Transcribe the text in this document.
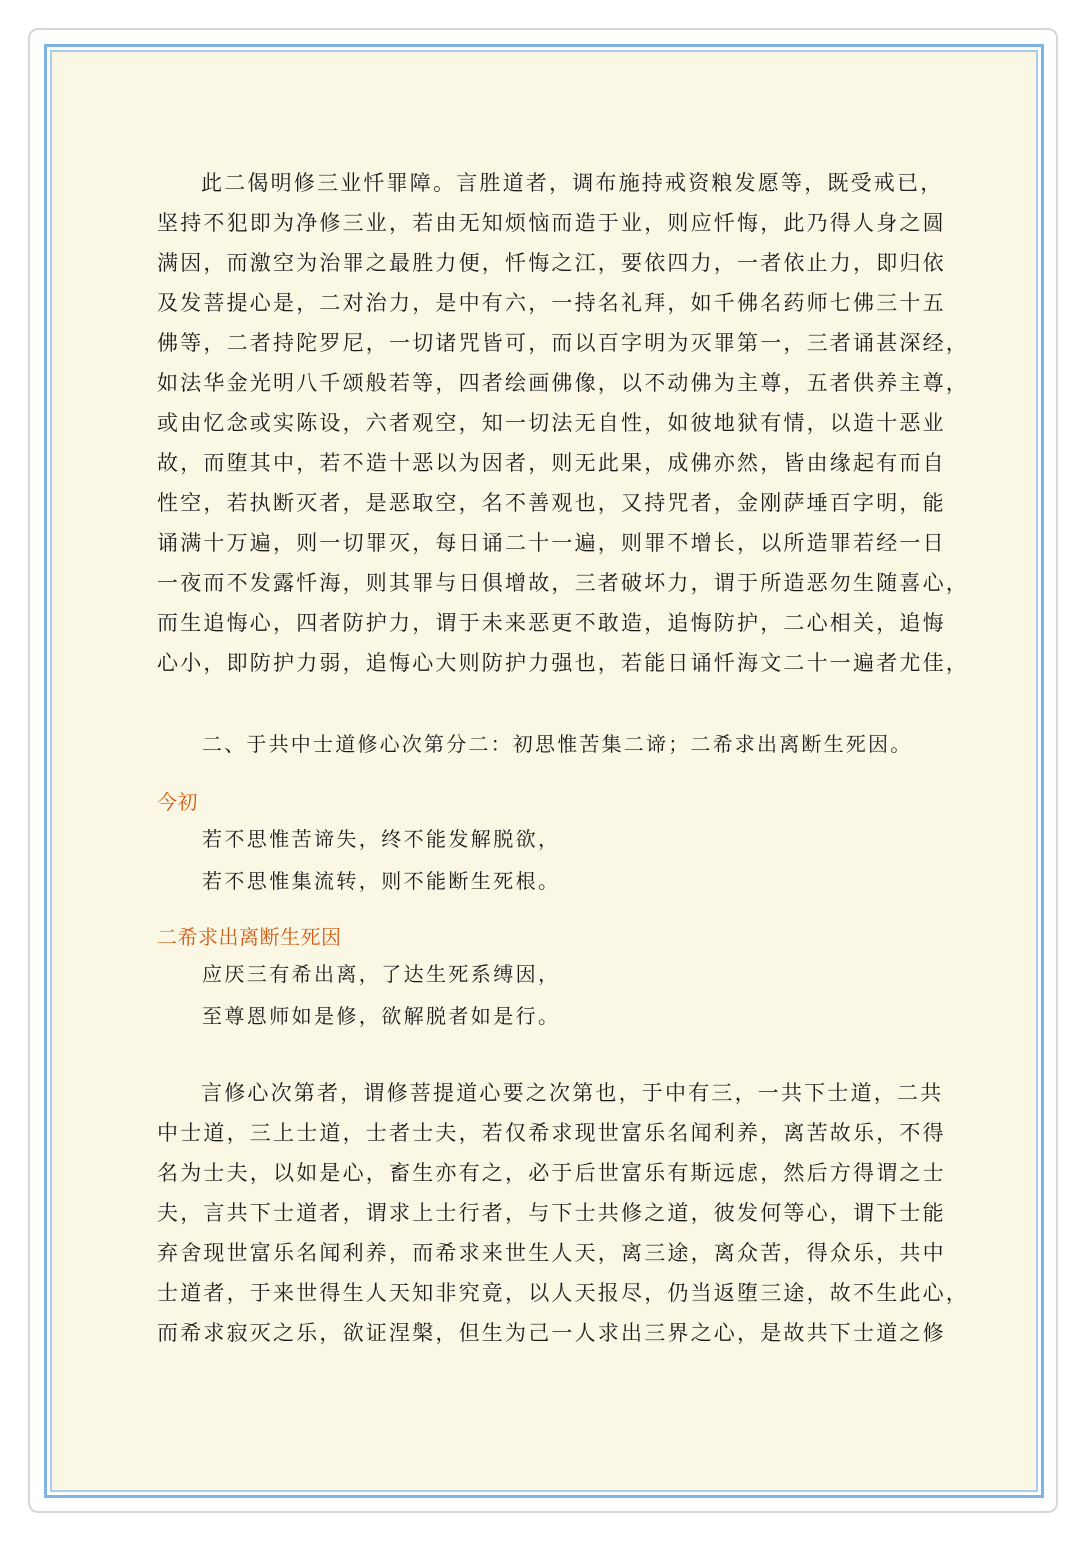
此二偈明修三业忏罪障。言胜道者，调布施持戒资粮发愿等，既受戒已，
坚持不犯即为净修三业，若由无知烦恼而造于业，则应忏悔，此乃得人身之圆
满因，而激空为治罪之最胜力便，忏悔之江，要依四力，一者依止力，即归依
及发菩提心是，二对治力，是中有六，一持名礼拜，如千佛名药师七佛三十五
佛等，二者持陀罗尼，一切诸咒皆可，而以百字明为灭罪第一，三者诵甚深经，
如法华金光明八千颂般若等，四者绘画佛像，以不动佛为主尊，五者供养主尊，
或由忆念或实陈设，六者观空，知一切法无自性，如彼地狱有情，以造十恶业
故，而堕其中，若不造十恶以为因者，则无此果，成佛亦然，皆由缘起有而自
性空，若执断灭者，是恶取空，名不善观也，又持咒者，金刚萨埵百字明，能
诵满十万遍，则一切罪灭，每日诵二十一遍，则罪不增长，以所造罪若经一日
一夜而不发露忏海，则其罪与日俱增故，三者破坏力，谓于所造恶勿生随喜心，
而生追悔心，四者防护力，谓于未来恶更不敢造，追悔防护，二心相关，追悔
心小，即防护力弱，追悔心大则防护力强也，若能日诵忏海文二十一遍者尤佳，

二、于共中士道修心次第分二：初思惟苦集二谛；二希求出离断生死因。

今初

若不思惟苦谛失，终不能发解脱欲，
若不思惟集流转，则不能断生死根。

二希求出离断生死因

应厌三有希出离，了达生死系缚因，
至尊恩师如是修，欲解脱者如是行。
言修心次第者，谓修菩提道心要之次第也，于中有三，一共下士道，二共
中士道，三上士道，士者士夫，若仅希求现世富乐名闻利养，离苦故乐，不得
名为士夫，以如是心，畜生亦有之，必于后世富乐有斯远虑，然后方得谓之士
夫，言共下士道者，谓求上士行者，与下士共修之道，彼发何等心，谓下士能
弃舍现世富乐名闻利养，而希求来世生人天，离三途，离众苦，得众乐，共中
士道者，于来世得生人天知非究竟，以人天报尽，仍当返堕三途，故不生此心，
而希求寂灭之乐，欲证涅槃，但生为己一人求出三界之心，是故共下士道之修
